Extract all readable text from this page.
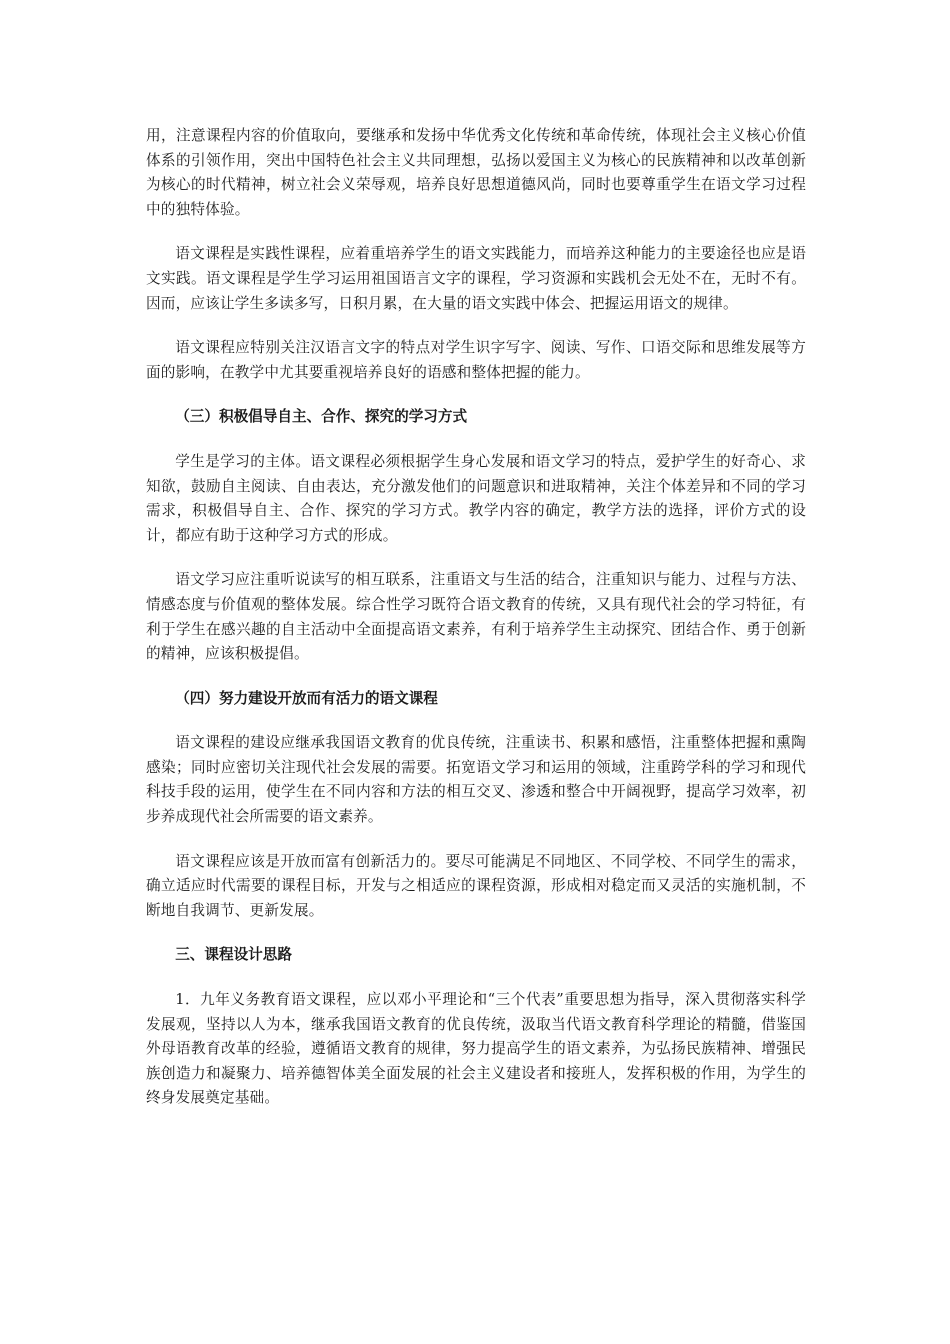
用，注意课程内容的价值取向，要继承和发扬中华优秀文化传统和革命传统，体现社会主义核心价值体系的引领作用，突出中国特色社会主义共同理想，弘扬以爱国主义为核心的民族精神和以改革创新为核心的时代精神，树立社会义荣辱观，培养良好思想道德风尚，同时也要尊重学生在语文学习过程中的独特体验。

语文课程是实践性课程，应着重培养学生的语文实践能力，而培养这种能力的主要途径也应是语文实践。语文课程是学生学习运用祖国语言文字的课程，学习资源和实践机会无处不在，无时不有。因而，应该让学生多读多写，日积月累，在大量的语文实践中体会、把握运用语文的规律。

语文课程应特别关注汉语言文字的特点对学生识字写字、阅读、写作、口语交际和思维发展等方面的影响，在教学中尤其要重视培养良好的语感和整体把握的能力。

（三）积极倡导自主、合作、探究的学习方式

学生是学习的主体。语文课程必须根据学生身心发展和语文学习的特点，爱护学生的好奇心、求知欲，鼓励自主阅读、自由表达，充分激发他们的问题意识和进取精神，关注个体差异和不同的学习需求，积极倡导自主、合作、探究的学习方式。教学内容的确定，教学方法的选择，评价方式的设计，都应有助于这种学习方式的形成。

语文学习应注重听说读写的相互联系，注重语文与生活的结合，注重知识与能力、过程与方法、情感态度与价值观的整体发展。综合性学习既符合语文教育的传统，又具有现代社会的学习特征，有利于学生在感兴趣的自主活动中全面提高语文素养，有利于培养学生主动探究、团结合作、勇于创新的精神，应该积极提倡。

（四）努力建设开放而有活力的语文课程

语文课程的建设应继承我国语文教育的优良传统，注重读书、积累和感悟，注重整体把握和熏陶感染；同时应密切关注现代社会发展的需要。拓宽语文学习和运用的领域，注重跨学科的学习和现代科技手段的运用，使学生在不同内容和方法的相互交叉、渗透和整合中开阔视野，提高学习效率，初步养成现代社会所需要的语文素养。

语文课程应该是开放而富有创新活力的。要尽可能满足不同地区、不同学校、不同学生的需求，确立适应时代需要的课程目标，开发与之相适应的课程资源，形成相对稳定而又灵活的实施机制，不断地自我调节、更新发展。

三、课程设计思路

1．九年义务教育语文课程，应以邓小平理论和“三个代表”重要思想为指导，深入贯彻落实科学发展观，坚持以人为本，继承我国语文教育的优良传统，汲取当代语文教育科学理论的精髓，借鉴国外母语教育改革的经验，遵循语文教育的规律，努力提高学生的语文素养，为弘扬民族精神、增强民族创造力和凝聚力、培养德智体美全面发展的社会主义建设者和接班人，发挥积极的作用，为学生的终身发展奠定基础。
